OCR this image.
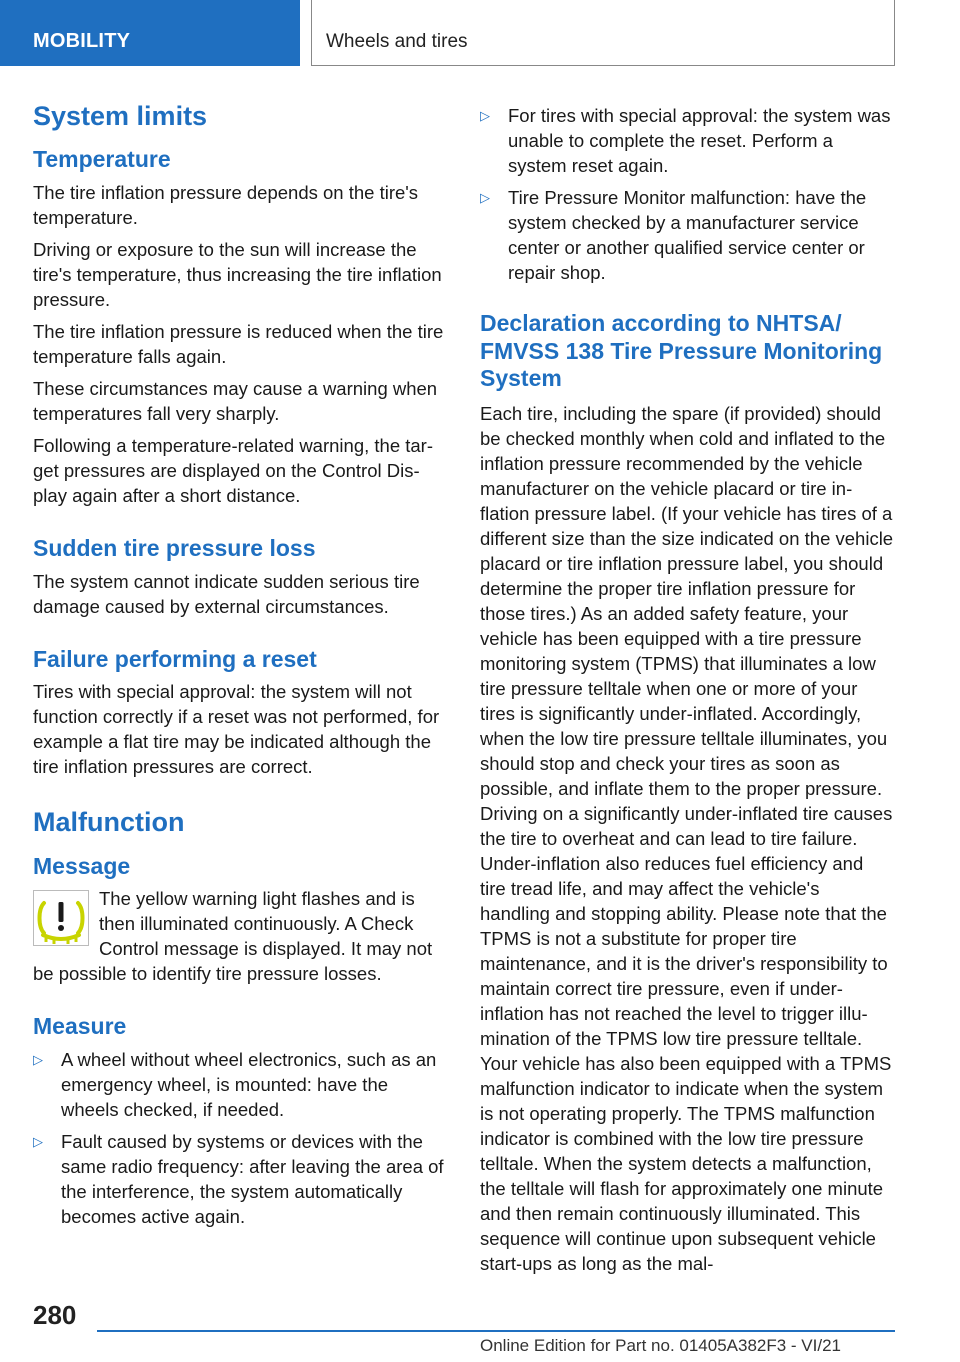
MOBILITY	Wheels and tires
System limits
Temperature

The tire inflation pressure depends on the tire's temperature.

Driving or exposure to the sun will increase the tire's temperature, thus increasing the tire inflation pressure.

The tire inflation pressure is reduced when the tire temperature falls again.

These circumstances may cause a warning when temperatures fall very sharply.

Following a temperature-related warning, the target pressures are displayed on the Control Display again after a short distance.

Sudden tire pressure loss

The system cannot indicate sudden serious tire damage caused by external circumstances.

Failure performing a reset

Tires with special approval: the system will not function correctly if a reset was not performed, for example a flat tire may be indicated although the tire inflation pressures are correct.

Malfunction
Message

The yellow warning light flashes and is then illuminated continuously. A Check Control message is displayed. It may not be possible to identify tire pressure losses.

Measure
▷ A wheel without wheel electronics, such as an emergency wheel, is mounted: have the wheels checked, if needed.
▷ Fault caused by systems or devices with the same radio frequency: after leaving the area of the interference, the system automatically becomes active again.
▷ For tires with special approval: the system was unable to complete the reset. Perform a system reset again.
▷ Tire Pressure Monitor malfunction: have the system checked by a manufacturer service center or another qualified service center or repair shop.
Declaration according to NHTSA/ FMVSS 138 Tire Pressure Monitoring System

Each tire, including the spare (if provided) should be checked monthly when cold and inflated to the inflation pressure recommended by the vehicle manufacturer on the vehicle placard or tire inflation pressure label. (If your vehicle has tires of a different size than the size indicated on the vehicle placard or tire inflation pressure label, you should determine the proper tire inflation pressure for those tires.) As an added safety feature, your vehicle has been equipped with a tire pressure monitoring system (TPMS) that illuminates a low tire pressure telltale when one or more of your tires is significantly under-inflated. Accordingly, when the low tire pressure telltale illuminates, you should stop and check your tires as soon as possible, and inflate them to the proper pressure. Driving on a significantly under-inflated tire causes the tire to overheat and can lead to tire failure. Under-inflation also reduces fuel efficiency and tire tread life, and may affect the vehicle's handling and stopping ability. Please note that the TPMS is not a substitute for proper tire maintenance, and it is the driver's responsibility to maintain correct tire pressure, even if under-inflation has not reached the level to trigger illumination of the TPMS low tire pressure telltale. Your vehicle has also been equipped with a TPMS malfunction indicator to indicate when the system is not operating properly. The TPMS malfunction indicator is combined with the low tire pressure telltale. When the system detects a malfunction, the telltale will flash for approximately one minute and then remain continuously illuminated. This sequence will continue upon subsequent vehicle start-ups as long as the mal-

280
Online Edition for Part no. 01405A382F3 - VI/21
